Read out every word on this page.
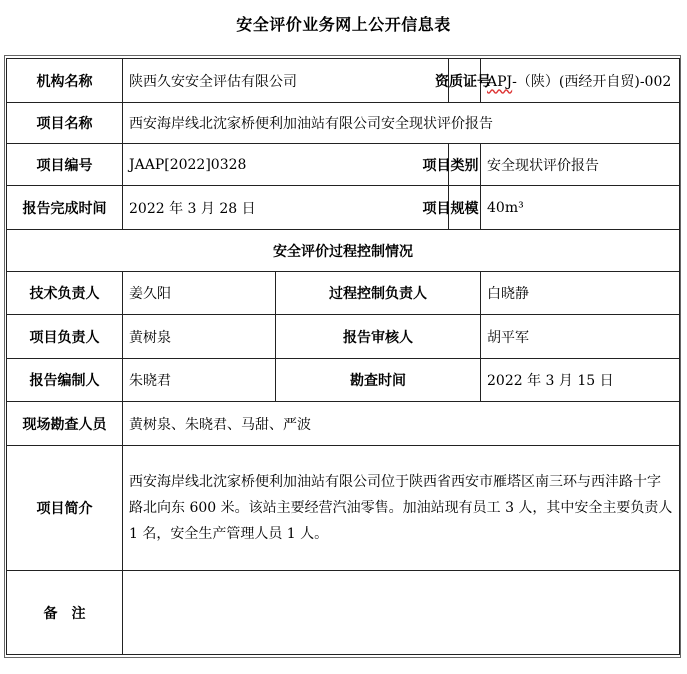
安全评价业务网上公开信息表
机构名称	陕西久安安全评估有限公司		资质证号	APJ-（陕）(西经开自贸)-002
项目名称	西安海岸线北沈家桥便利加油站有限公司安全现状评价报告			
项目编号	JAAP[2022]0328		项目类别	安全现状评价报告
报告完成时间	2022 年 3 月 28 日		项目规模	40m³
安全评价过程控制情况				
技术负责人	姜久阳	过程控制负责人		白晓静
项目负责人	黄树泉	报告审核人		胡平军
报告编制人	朱晓君	勘查时间		2022 年 3 月 15 日
现场勘查人员	黄树泉、朱晓君、马甜、严波			
项目简介	西安海岸线北沈家桥便利加油站有限公司位于陕西省西安市雁塔区南三环与西沣路十字路北向东 600 米。该站主要经营汽油零售。加油站现有员工 3 人，其中安全主要负责人 1 名，安全生产管理人员 1 人。			
备　注				
